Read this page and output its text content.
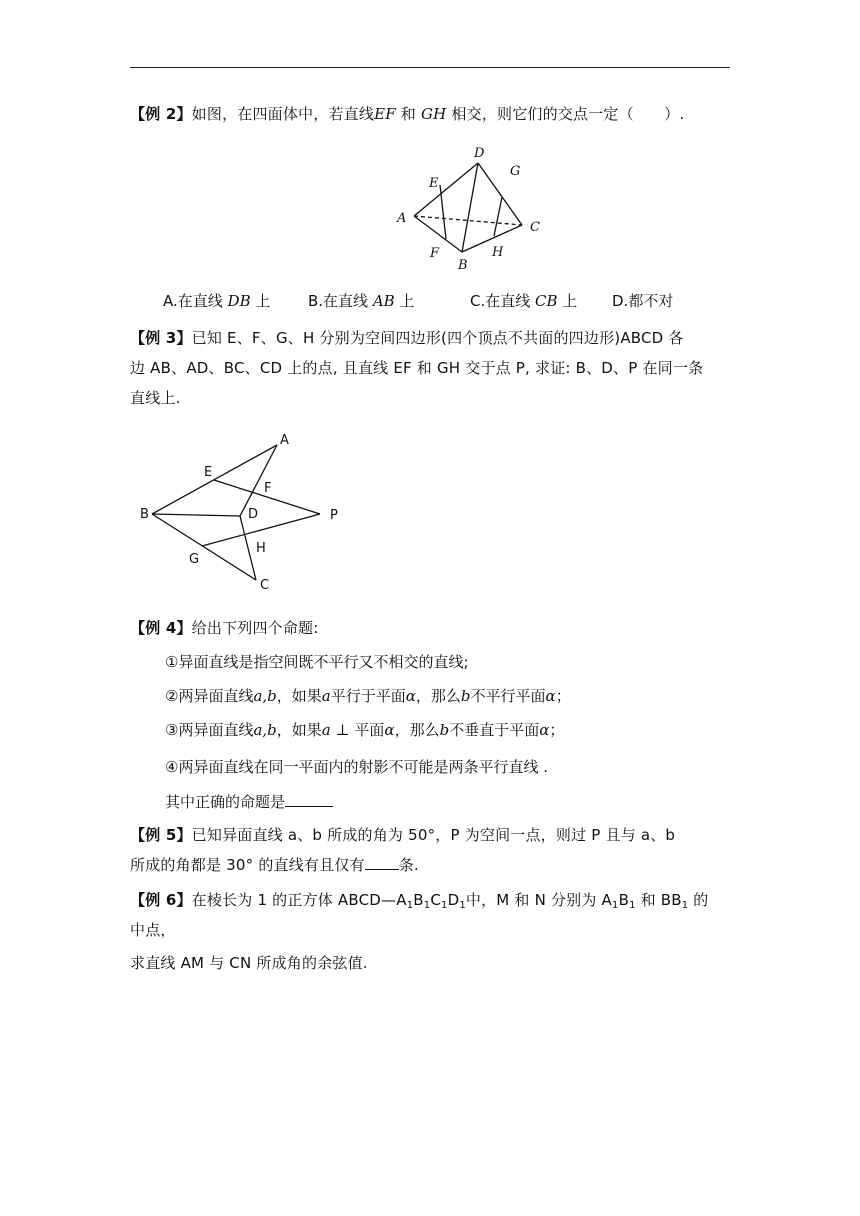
【例 2】如图，在四面体中，若直线EF 和 GH 相交，则它们的交点一定（　　）.
D
G
E
A
C
F	H
B
A.在直线 DB 上	B.在直线 AB 上	C.在直线 CB 上 D.都不对
【例 3】已知 E、F、G、H 分别为空间四边形(四个顶点不共面的四边形)ABCD 各
边 AB、AD、BC、CD 上的点, 且直线 EF 和 GH 交于点 P, 求证: B、D、P 在同一条
直线上.
A
E
F
B	D	P
H
G
C
【例 4】给出下列四个命题:
①异面直线是指空间既不平行又不相交的直线;
②两异面直线a,b，如果a平行于平面α，那么b不平行平面α；
③两异面直线a,b，如果a ⊥ 平面α，那么b不垂直于平面α；
④两异面直线在同一平面内的射影不可能是两条平行直线 .
其中正确的命题是
【例 5】已知异面直线 a、b 所成的角为 50°，P 为空间一点，则过 P 且与 a、b
所成的角都是 30° 的直线有且仅有 条.
【例 6】在棱长为 1 的正方体 $ABCD—A_1B_1C_1D_1$中，M 和 N 分别为 $A_1B_1$ 和 $BB_1$ 的
中点，
求直线 AM 与 CN 所成角的余弦值.
